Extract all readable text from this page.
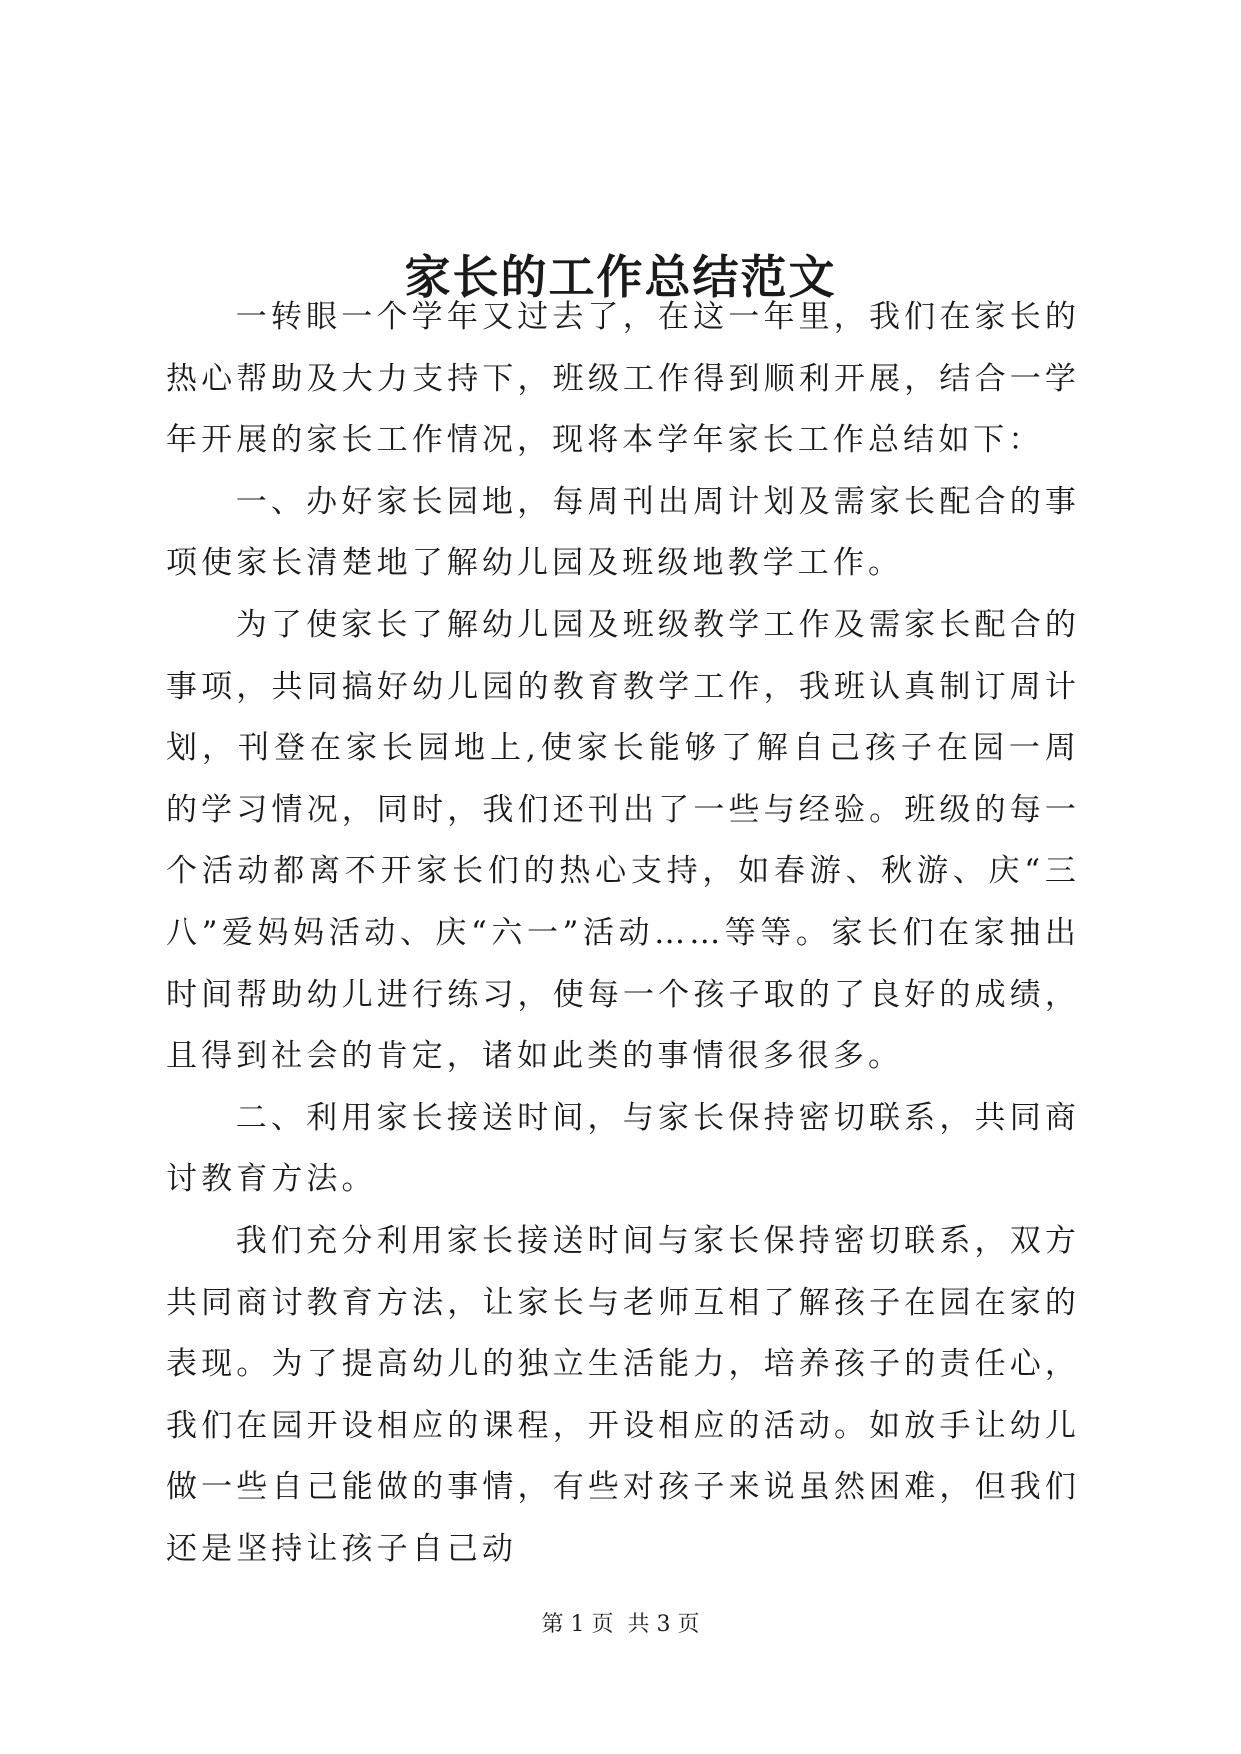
家长的工作总结范文

一转眼一个学年又过去了，在这一年里，我们在家长的热心帮助及大力支持下，班级工作得到顺利开展，结合一学年开展的家长工作情况，现将本学年家长工作总结如下：

一、办好家长园地，每周刊出周计划及需家长配合的事项使家长清楚地了解幼儿园及班级地教学工作。

为了使家长了解幼儿园及班级教学工作及需家长配合的事项，共同搞好幼儿园的教育教学工作，我班认真制订周计划，刊登在家长园地上,使家长能够了解自己孩子在园一周的学习情况，同时，我们还刊出了一些与经验。班级的每一个活动都离不开家长们的热心支持，如春游、秋游、庆“三八”爱妈妈活动、庆“六一”活动……等等。家长们在家抽出时间帮助幼儿进行练习，使每一个孩子取的了良好的成绩，且得到社会的肯定，诸如此类的事情很多很多。

二、利用家长接送时间，与家长保持密切联系，共同商讨教育方法。

我们充分利用家长接送时间与家长保持密切联系，双方共同商讨教育方法，让家长与老师互相了解孩子在园在家的表现。为了提高幼儿的独立生活能力，培养孩子的责任心，我们在园开设相应的课程，开设相应的活动。如放手让幼儿做一些自己能做的事情，有些对孩子来说虽然困难，但我们还是坚持让孩子自己动

第 1 页  共 3 页
